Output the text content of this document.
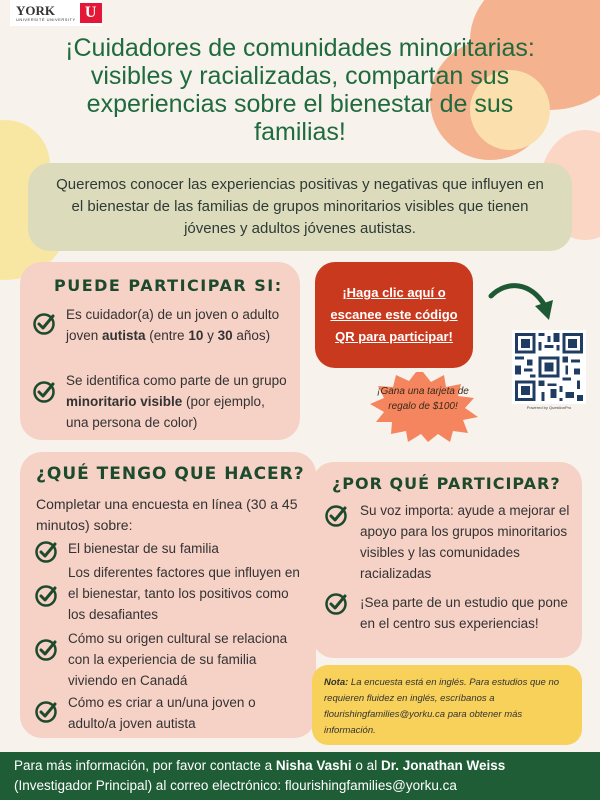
YORK
UNIVERSITÉ UNIVERSITY U
¡Cuidadores de comunidades minoritarias: visibles y racializadas, compartan sus experiencias sobre el bienestar de sus familias!
Queremos conocer las experiencias positivas y negativas que influyen en el bienestar de las familias de grupos minoritarios visibles que tienen jóvenes y adultos jóvenes autistas.
PUEDE PARTICIPAR SI:
Es cuidador(a) de un joven o adulto joven autista (entre 10 y 30 años)
Se identifica como parte de un grupo minoritario visible (por ejemplo, una persona de color)
¡Haga clic aquí o escanee este código QR para participar!
Powered by QuestionPro
¡Gana una tarjeta de regalo de $100!
¿QUÉ TENGO QUE HACER?
Completar una encuesta en línea (30 a 45 minutos) sobre:
El bienestar de su familia
Los diferentes factores que influyen en el bienestar, tanto los positivos como los desafiantes
Cómo su origen cultural se relaciona con la experiencia de su familia viviendo en Canadá
Cómo es criar a un/una joven o adulto/a joven autista
¿POR QUÉ PARTICIPAR?
Su voz importa: ayude a mejorar el apoyo para los grupos minoritarios visibles y las comunidades racializadas
¡Sea parte de un estudio que pone en el centro sus experiencias!
Nota: La encuesta está en inglés. Para estudios que no requieren fluidez en inglés, escríbanos a flourishingfamilies@yorku.ca para obtener más información.
Para más información, por favor contacte a Nisha Vashi o al Dr. Jonathan Weiss (Investigador Principal) al correo electrónico: flourishingfamilies@yorku.ca
